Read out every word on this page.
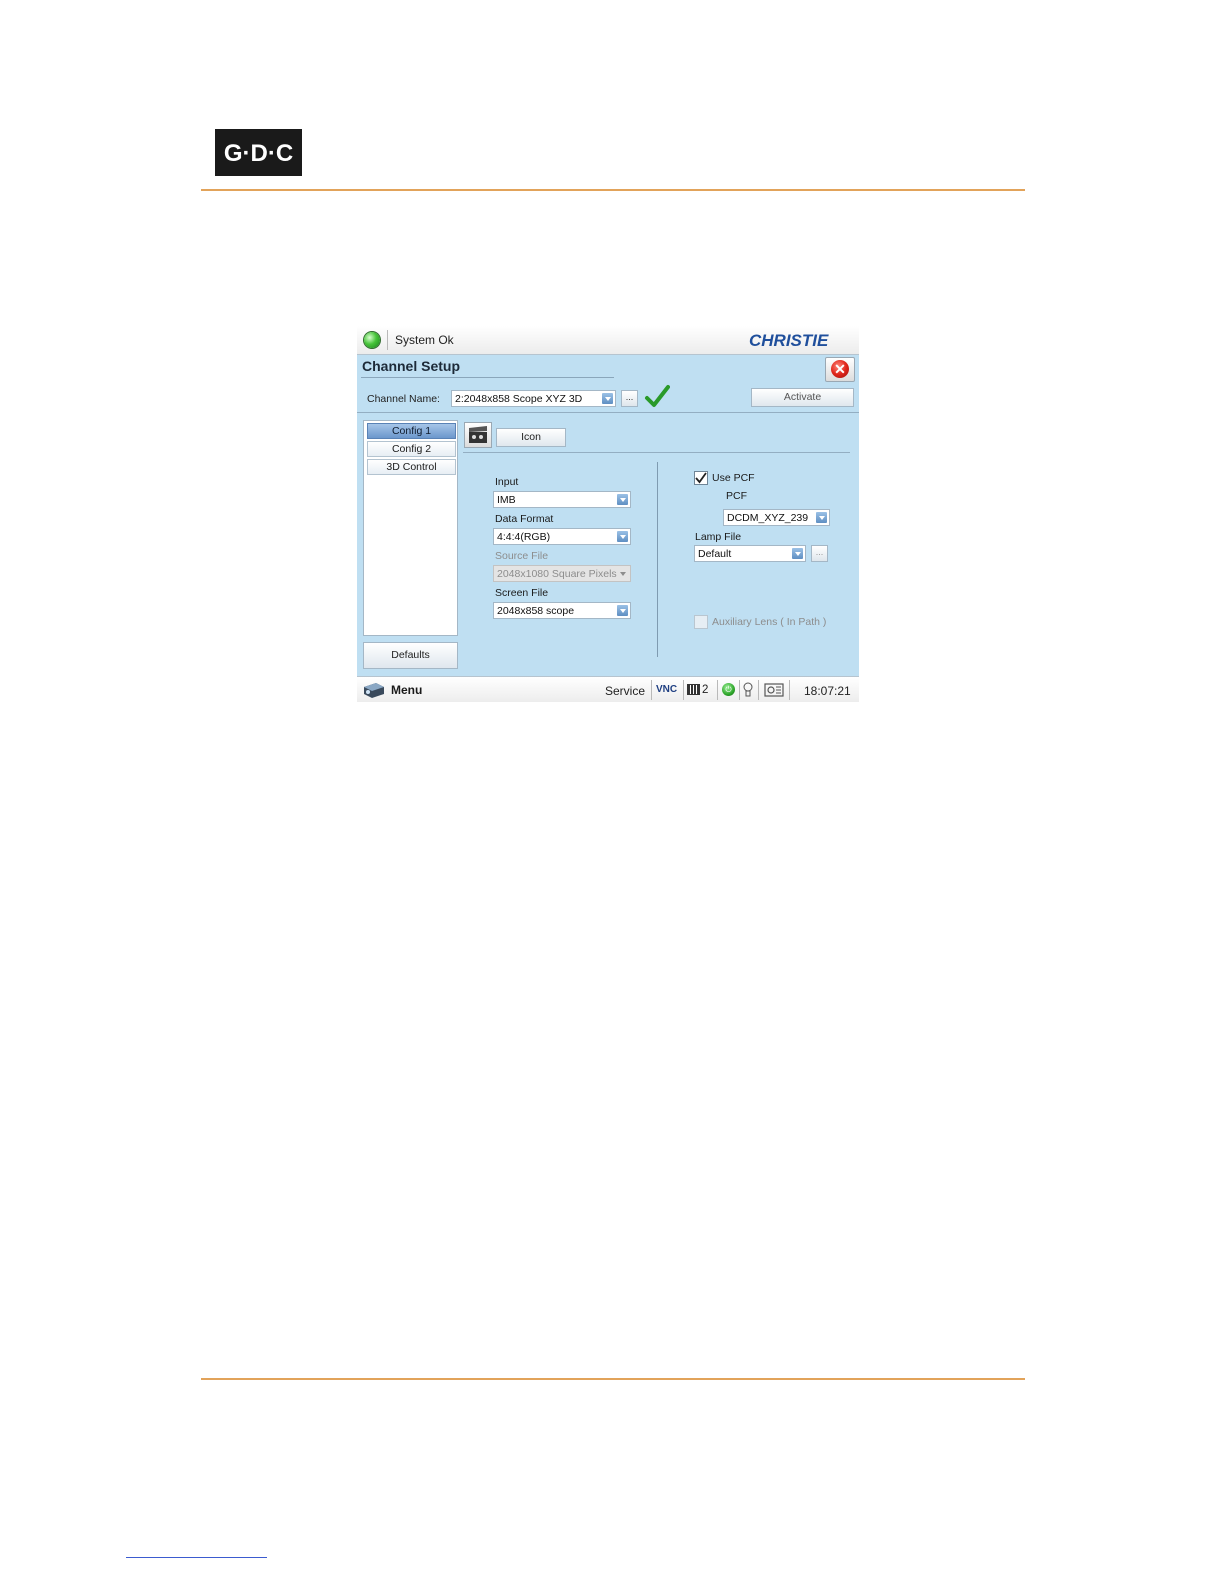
G·D·C
System Ok	CHRISTIE
Channel Setup	✕
Channel Name: 2:2048x858 Scope XYZ 3D	...	Activate
Config 1
Config 2
3D Control
Defaults
Icon
Input
IMB
Data Format
4:4:4(RGB)
Source File
2048x1080 Square Pixels
Screen File
2048x858 scope
Use PCF
PCF
DCDM_XYZ_239
Lamp File
Default	...
Auxiliary Lens ( In Path )
Menu	Service VNC 2	⏻	18:07:21
